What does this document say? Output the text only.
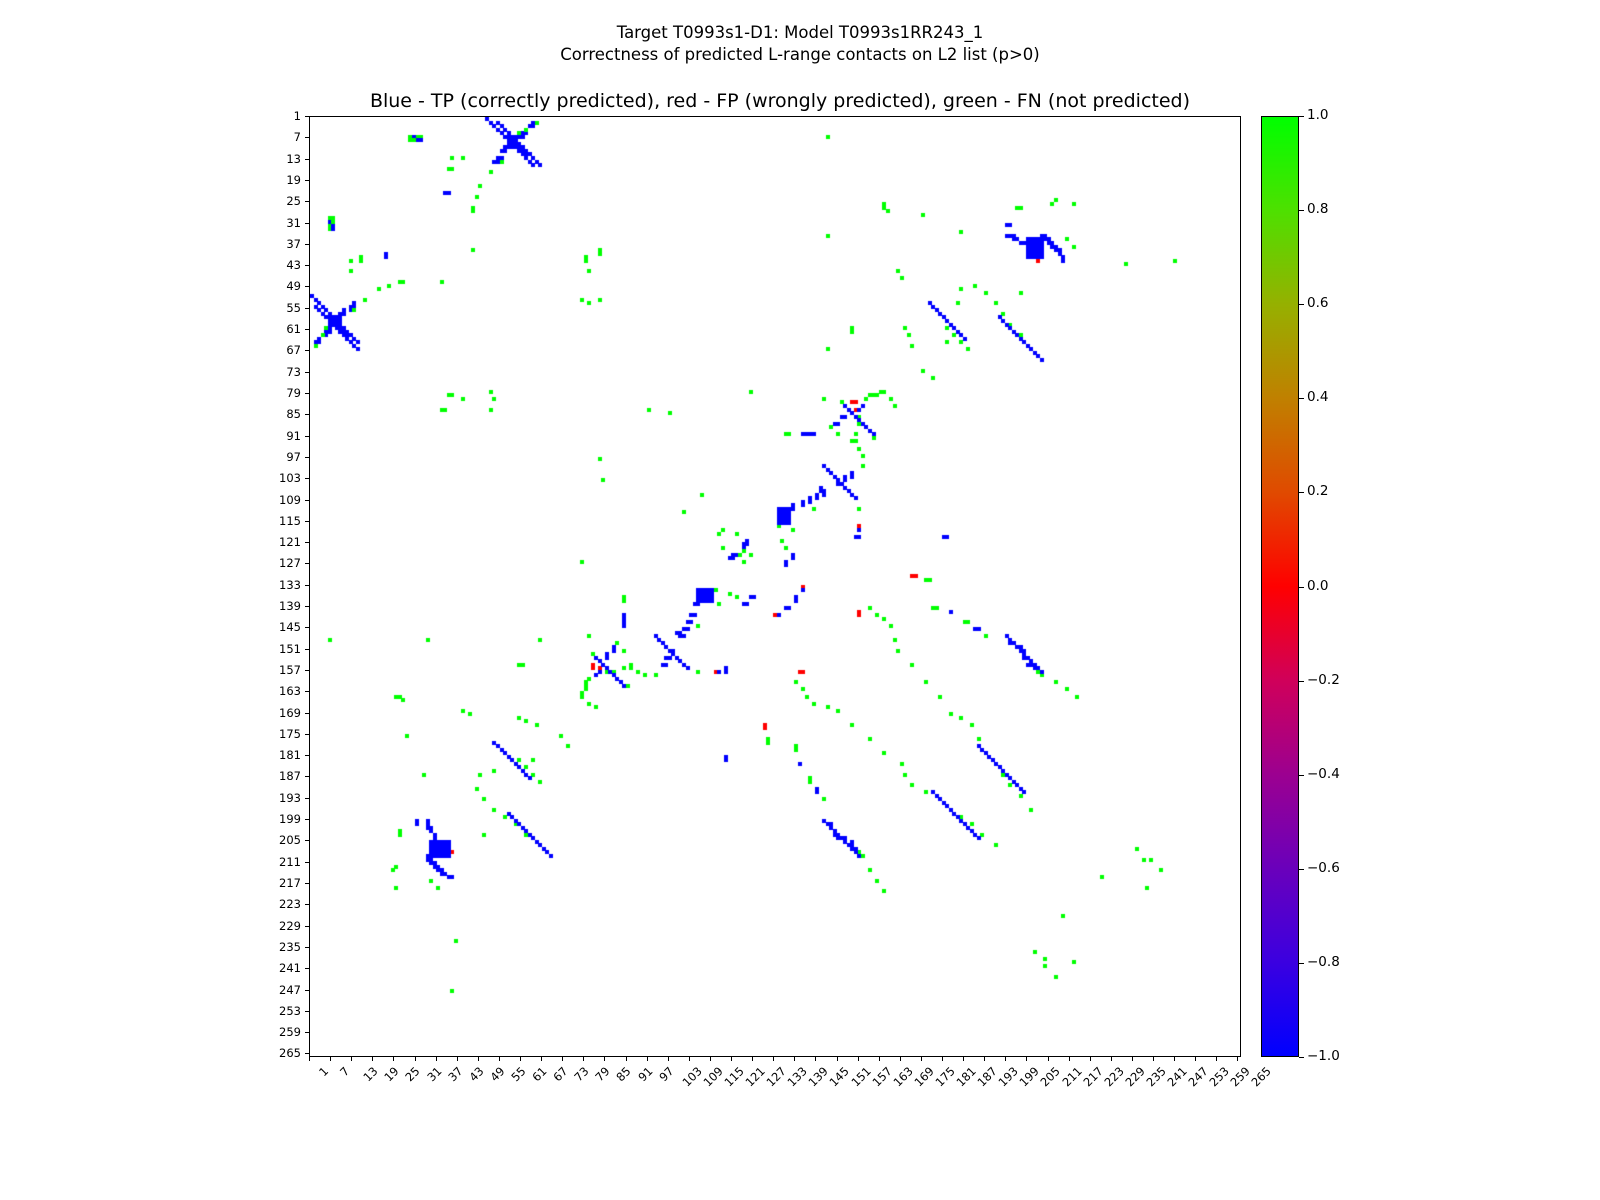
Target T0993s1-D1: Model T0993s1RR243_1
Correctness of predicted L-range contacts on L2 list (p>0)
Blue - TP (correctly predicted), red - FP (wrongly predicted), green - FN (not predicted)
1
7
13
19
25
31
37
43
49
55
61
67
73
79
85
91
97
103
109
115
121
127
133
139
145
151
157
163
169
175
181
187
193
199
205
211
217
223
229
235
241
247
253
259
265
1 7 13 19 25 31 37 43 49 55 61 67 73 79 85 91 97 103
109
115
121
127
133
139
145
151
157
163
169
175
181
187
193
199
205
211
217
223
229
235
241
247
253
259
265
−1.0
−0.8
−0.6
−0.4
−0.2
0.0
0.2
0.4
0.6
0.8
1.0
